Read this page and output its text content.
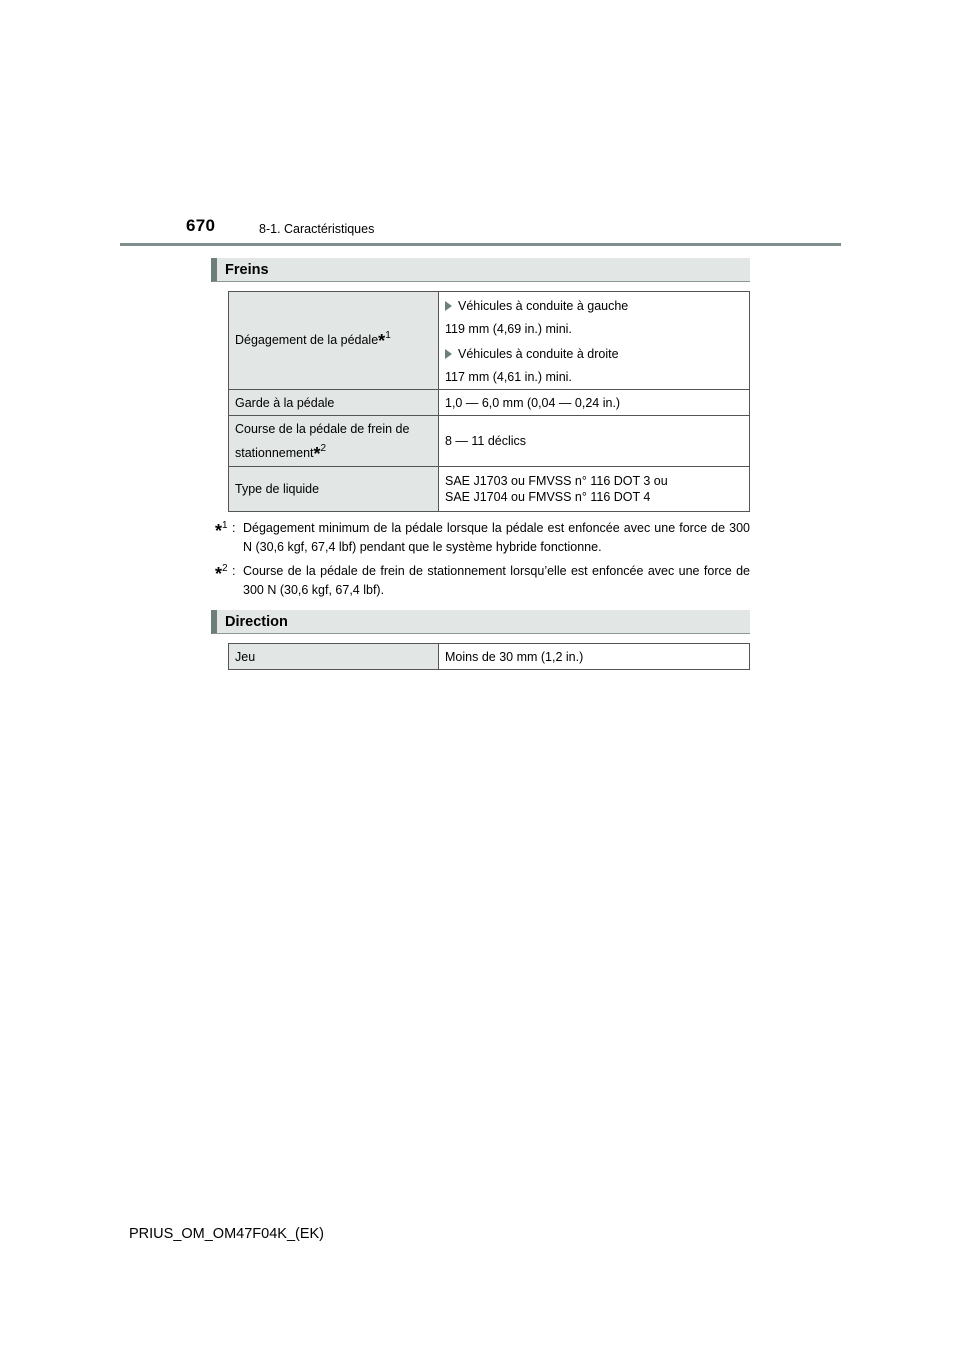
670	8-1. Caractéristiques
Freins
Dégagement de la pédale*$^1$	Véhicules à conduite à gauche

119 mm (4,69 in.) mini.

Véhicules à conduite à droite

117 mm (4,61 in.) mini.

Garde à la pédale	1,0 — 6,0 mm (0,04 — 0,24 in.)
Course de la pédale de frein de
stationnement*$^2$	8 — 11 déclics
Type de liquide	SAE J1703 ou FMVSS n° 116 DOT 3 ou
SAE J1704 ou FMVSS n° 116 DOT 4
*$^1$ : Dégagement minimum de la pédale lorsque la pédale est enfoncée avec une force de 300 N (30,6 kgf, 67,4 lbf) pendant que le système hybride fonctionne.
*$^2$ : Course de la pédale de frein de stationnement lorsqu’elle est enfoncée avec une force de 300 N (30,6 kgf, 67,4 lbf).
Direction
Jeu	Moins de 30 mm (1,2 in.)
PRIUS_OM_OM47F04K_(EK)
